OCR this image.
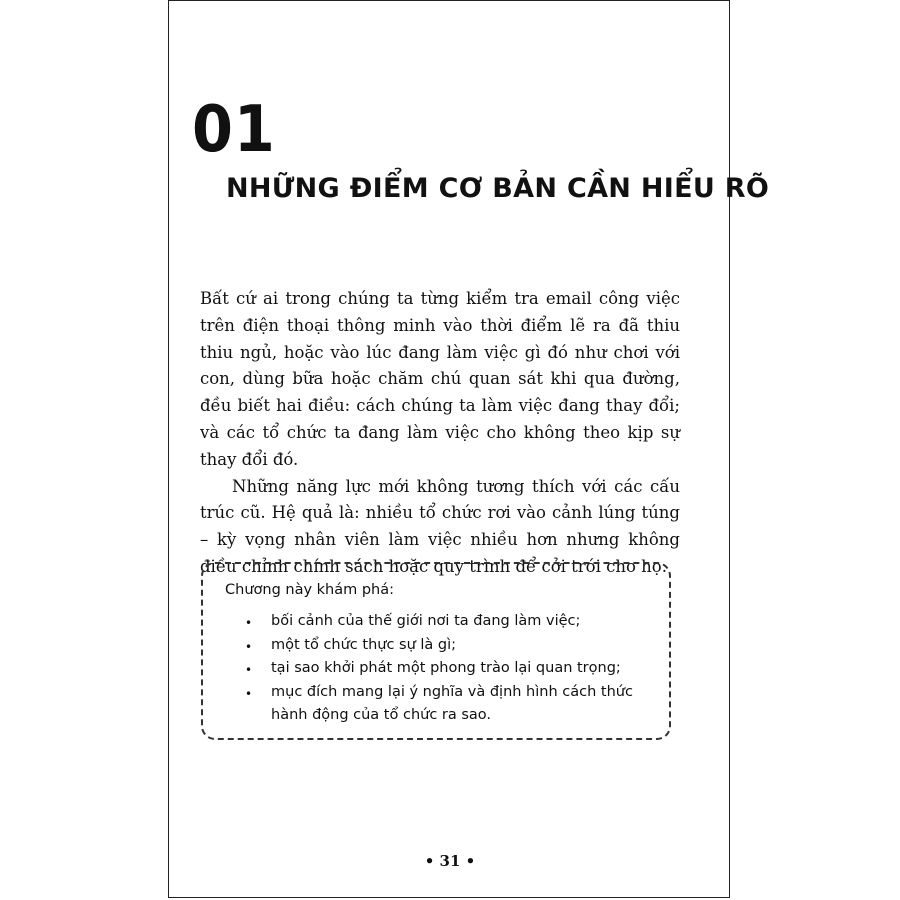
01
NHỮNG ĐIỂM CƠ BẢN CẦN HIỂU RÕ

Bất cứ ai trong chúng ta từng kiểm tra email công việc trên điện thoại thông minh vào thời điểm lẽ ra đã thiu thiu ngủ, hoặc vào lúc đang làm việc gì đó như chơi với con, dùng bữa hoặc chăm chú quan sát khi qua đường, đều biết hai điều: cách chúng ta làm việc đang thay đổi; và các tổ chức ta đang làm việc cho không theo kịp sự thay đổi đó.

Những năng lực mới không tương thích với các cấu trúc cũ. Hệ quả là: nhiều tổ chức rơi vào cảnh lúng túng – kỳ vọng nhân viên làm việc nhiều hơn nhưng không điều chỉnh chính sách hoặc quy trình để cởi trói cho họ.

Chương này khám phá:
• bối cảnh của thế giới nơi ta đang làm việc;
• một tổ chức thực sự là gì;
• tại sao khởi phát một phong trào lại quan trọng;
• mục đích mang lại ý nghĩa và định hình cách thức hành động của tổ chức ra sao.
• 31 •
